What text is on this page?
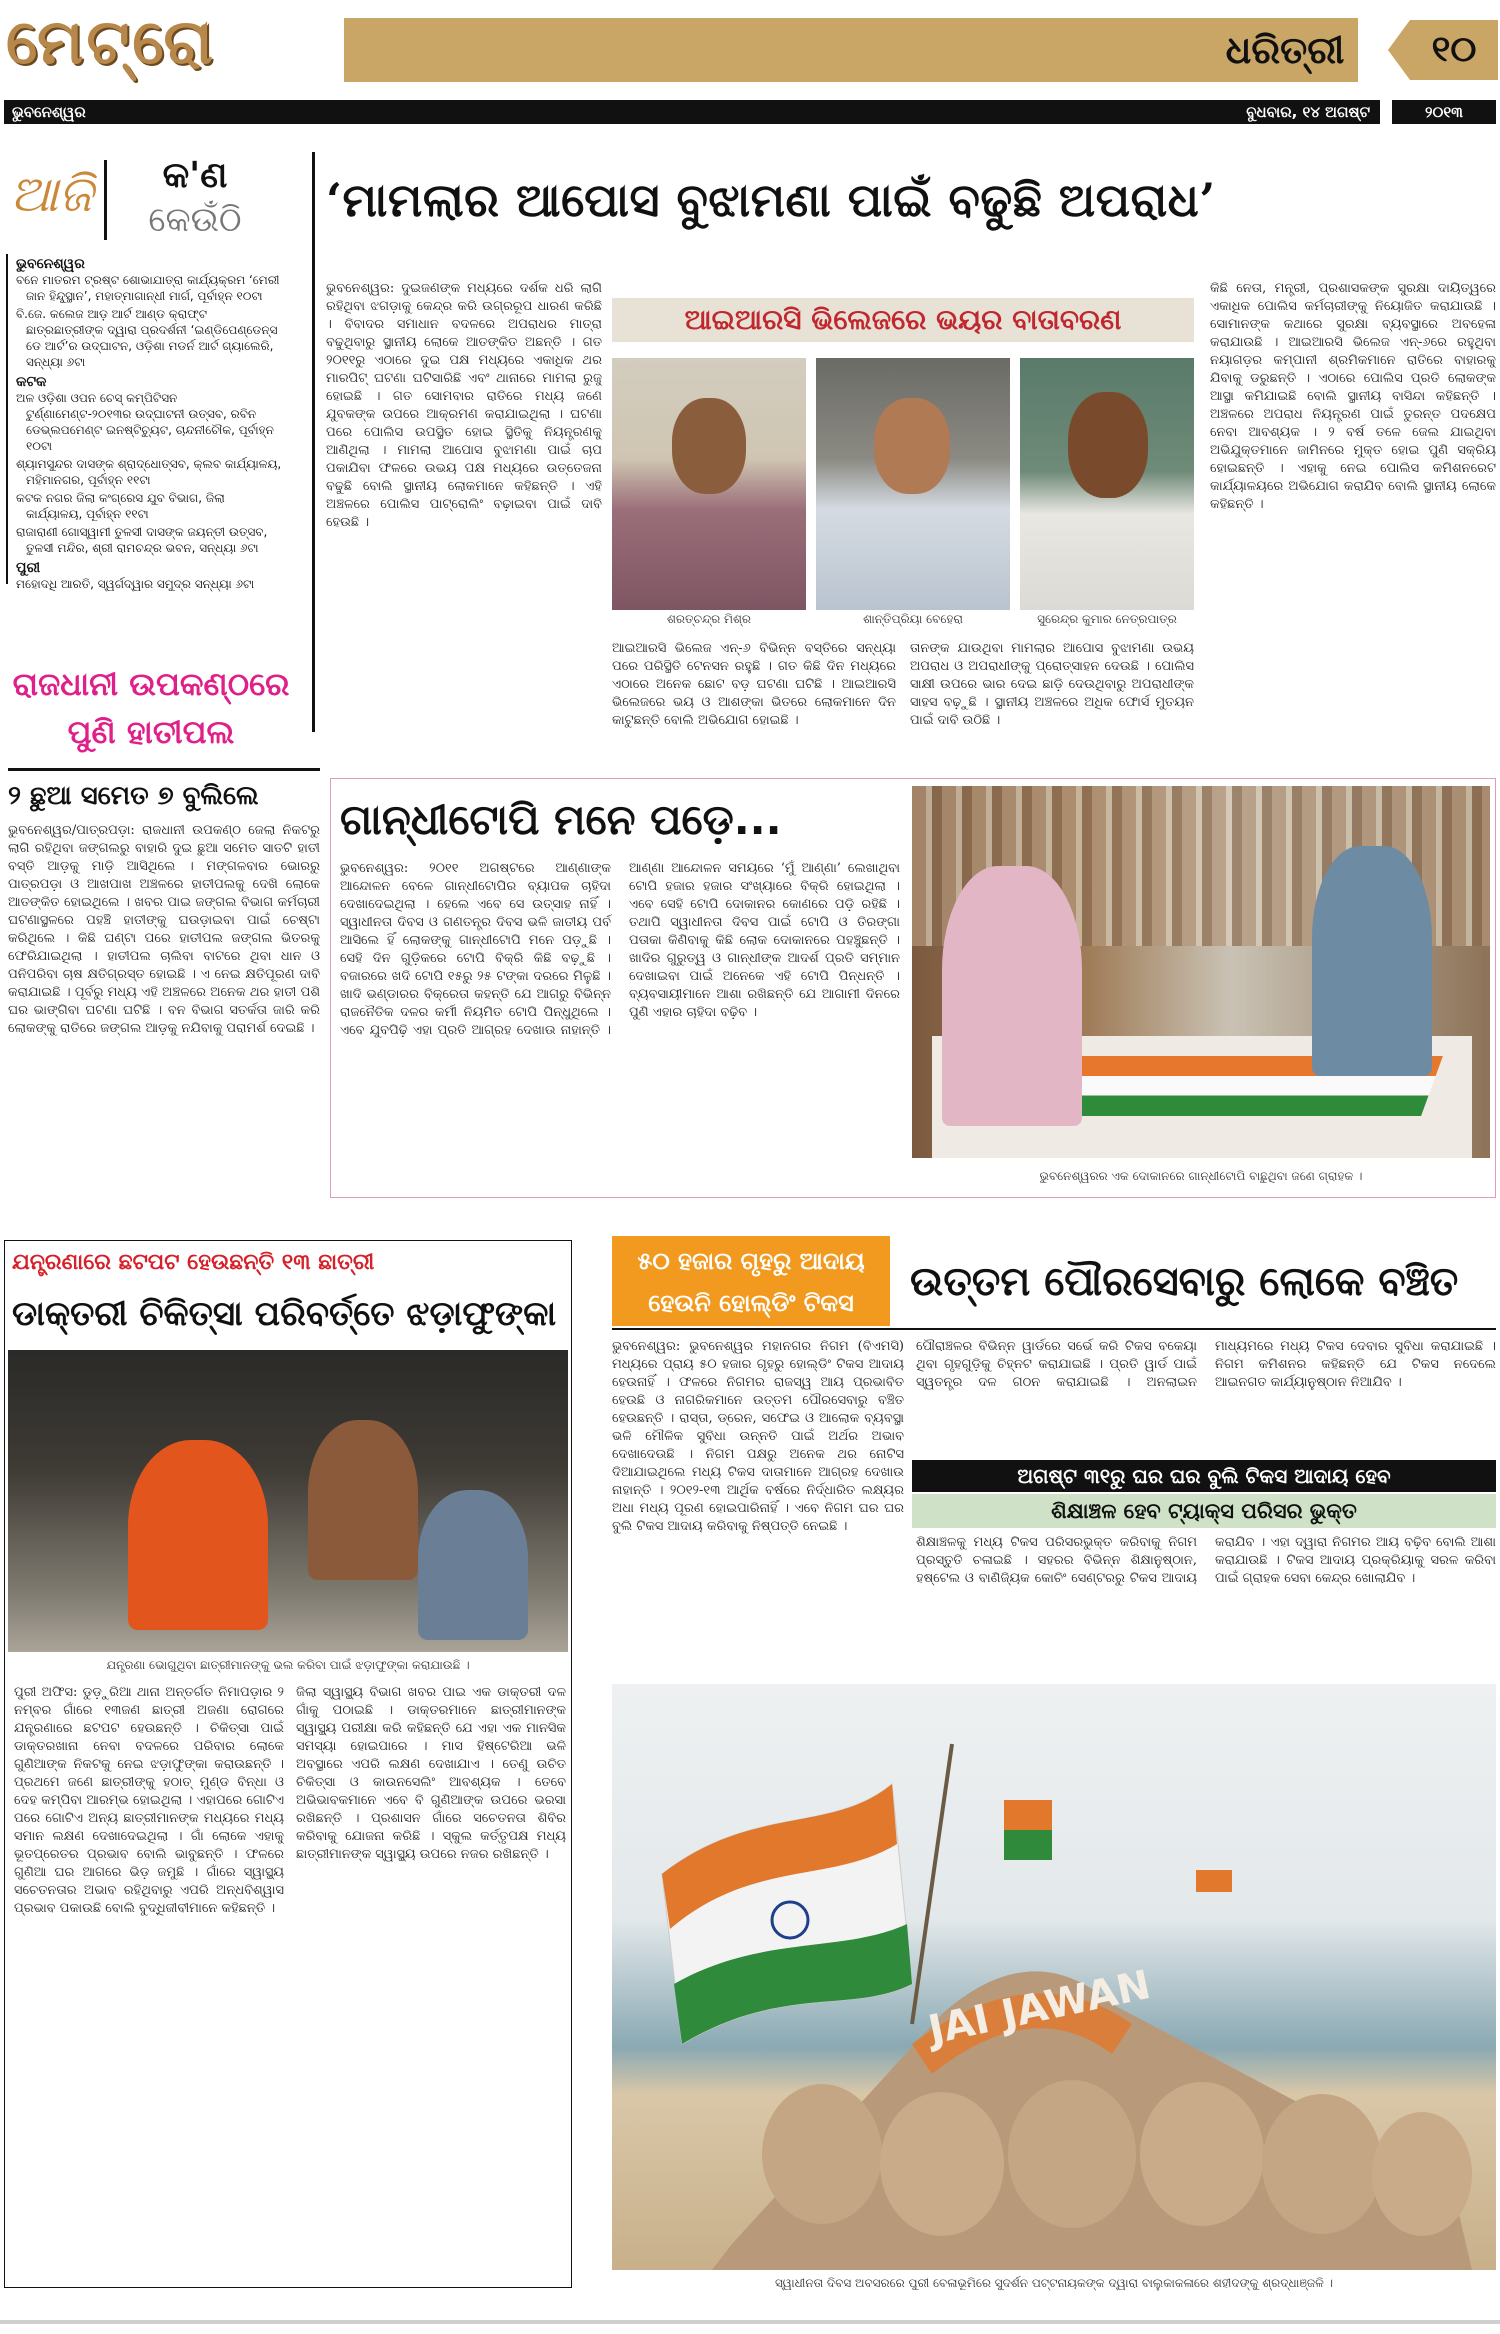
ମେଟ୍ରୋ	ଧରିତ୍ରୀ	୧୦
ଭୁବନେଶ୍ୱର	ବୁଧବାର, ୧୪ ଅଗଷ୍ଟ	୨୦୧୩
ଆଜି	କ'ଣ
କେଉଁଠି
ଭୁବନେଶ୍ୱର
ବନେ ମାତରମ ଟ୍ରଷ୍ଟ ଶୋଭାଯାତ୍ରା କାର୍ଯ୍ୟକ୍ରମ ‘ମେରୀ ଜାନ ହିନ୍ଦୁସ୍ଥାନ’, ମହାତ୍ମାଗାନ୍ଧୀ ମାର୍ଗ, ପୂର୍ବାହ୍ନ ୧୦ଟା
ବି.ଜେ. କଲେଜ ଆଡ଼ ଆର୍ଟ ଆଣ୍ଡ କ୍ରାଫ୍ଟ ଛାତ୍ରଛାତ୍ରୀଙ୍କ ଦ୍ୱାରା ପ୍ରଦର୍ଶନୀ ‘ଇଣ୍ଡିପେଣ୍ଡେନ୍ସ ଡେ ଆର୍ଟ’ର ଉଦ୍‌ଘାଟନ, ଓଡ଼ିଶା ମଡର୍ନ ଆର୍ଟ ଗ୍ୟାଲେରି, ସନ୍ଧ୍ୟା ୬ଟା
କଟକ
ଅଳ ଓଡ଼ିଶା ଓପନ ଚେସ୍‌ କମ୍ପିଟିସନ ଟୁର୍ଣ୍ଣାମେଣ୍ଟ-୨୦୧୩ର ଉଦ୍‌ଘାଟନୀ ଉତ୍ସବ, ରବିନ ଡେଭ୍ଲପମେଣ୍ଟ ଇନଷ୍ଟିଚ୍ୟୁଟ, ଚାନ୍ଦନୀଚୌକ, ପୂର୍ବାହ୍ନ ୧୦ଟା
ଶ୍ୟାମସୁନ୍ଦର ଦାସଙ୍କ ଶ୍ରାଦ୍ଧୋତ୍ସବ, କ୍ଲବ କାର୍ଯ୍ୟାଳୟ, ମହିମାନଗର, ପୂର୍ବାହ୍ନ ୧୧ଟା
କଟକ ନଗର ଜିଲା କଂଗ୍ରେସ ଯୁବ ବିଭାଗ, ଜିଲା କାର୍ଯ୍ୟାଳୟ, ପୂର୍ବାହ୍ନ ୧୧ଟା
ରାଜାରାଣୀ ଗୋସ୍ୱାମୀ ତୁଳସୀ ଦାସଙ୍କ ଜୟନ୍ତୀ ଉତ୍ସବ, ତୁଳସୀ ମନ୍ଦିର, ଶ୍ରୀ ରାମଚନ୍ଦ୍ର ଭବନ, ସନ୍ଧ୍ୟା ୬ଟା
ପୁରୀ
ମହୋଦଧି ଆରତି, ସ୍ୱର୍ଗଦ୍ୱାର ସମୁଦ୍ର ସନ୍ଧ୍ୟା ୬ଟା
‘ମାମଲାର ଆପୋସ ବୁଝାମଣା ପାଇଁ ବଢୁଛି ଅପରାଧ’
ଭୁବନେଶ୍ୱର: ଦୁଇଜଣଙ୍କ ମଧ୍ୟରେ ଦର୍ଶକ ଧରି ଲାଗି ରହିଥିବା ଝଗଡ଼ାକୁ କେନ୍ଦ୍ର କରି ଉଗ୍ରରୂପ ଧାରଣ କରିଛି । ବିବାଦର ସମାଧାନ ବଦଳରେ ଅପରାଧର ମାତ୍ରା ବଢୁଥିବାରୁ ସ୍ଥାନୀୟ ଲୋକେ ଆତଙ୍କିତ ଅଛନ୍ତି । ଗତ ୨୦୧୧ରୁ ଏଠାରେ ଦୁଇ ପକ୍ଷ ମଧ୍ୟରେ ଏକାଧିକ ଥର ମାରପିଟ୍‌ ଘଟଣା ଘଟିସାରିଛି ଏବଂ ଥାନାରେ ମାମଲା ରୁଜୁ ହୋଇଛି । ଗତ ସୋମବାର ରାତିରେ ମଧ୍ୟ ଜଣେ ଯୁବକଙ୍କ ଉପରେ ଆକ୍ରମଣ କରାଯାଇଥିଲା । ଘଟଣା ପରେ ପୋଲିସ ଉପସ୍ଥିତ ହୋଇ ସ୍ଥିତିକୁ ନିୟନ୍ତ୍ରଣକୁ ଆଣିଥିଲା । ମାମଲା ଆପୋସ ବୁଝାମଣା ପାଇଁ ଚାପ ପକାଯିବା ଫଳରେ ଉଭୟ ପକ୍ଷ ମଧ୍ୟରେ ଉତ୍ତେଜନା ବଢୁଛି ବୋଲି ସ୍ଥାନୀୟ ଲୋକମାନେ କହିଛନ୍ତି । ଏହି ଅଞ୍ଚଳରେ ପୋଲିସ ପାଟ୍ରୋଲିଂ ବଢ଼ାଇବା ପାଇଁ ଦାବି ହେଉଛି ।
ଆଇଆରସି ଭିଲେଜରେ ଭୟର ବାତାବରଣ
ଶରତ୍‌ଚନ୍ଦ୍ର ମିଶ୍ର	ଶାନ୍ତିପ୍ରିୟା ବେହେରା	ସୁରେନ୍ଦ୍ର କୁମାର ନେତ୍ରପାତ୍ର
ଆଇଆରସି ଭିଲେଜ ଏନ୍‌-୬ ବିଭିନ୍ନ ବସ୍ତିରେ ସନ୍ଧ୍ୟା ପରେ ପରିସ୍ଥିତି ଟେନସନ ରହୁଛି । ଗତ କିଛି ଦିନ ମଧ୍ୟରେ ଏଠାରେ ଅନେକ ଛୋଟ ବଡ଼ ଘଟଣା ଘଟିଛି । ଆଇଆରସି ଭିଲେଜରେ ଭୟ ଓ ଆଶଙ୍କା ଭିତରେ ଲୋକମାନେ ଦିନ କାଟୁଛନ୍ତି ବୋଲି ଅଭିଯୋଗ ହୋଇଛି ।
ତାନଙ୍କ ଯାଉଥିବା ମାମଲାର ଆପୋସ ବୁଝାମଣା ଉଭୟ ଅପରାଧ ଓ ଅପରାଧୀଙ୍କୁ ପ୍ରୋତ୍ସାହନ ଦେଉଛି । ପୋଲିସ ସାକ୍ଷୀ ଉପରେ ଭାର ଦେଇ ଛାଡ଼ି ଦେଉଥିବାରୁ ଅପରାଧୀଙ୍କ ସାହସ ବଢ଼ୁଛି । ସ୍ଥାନୀୟ ଅଞ୍ଚଳରେ ଅଧିକ ଫୋର୍ସ ମୁତୟନ ପାଇଁ ଦାବି ଉଠିଛି ।
କିଛି ନେତା, ମନ୍ତ୍ରୀ, ପ୍ରଶାସକଙ୍କ ସୁରକ୍ଷା ଦାୟିତ୍ୱରେ ଏକାଧିକ ପୋଲିସ କର୍ମଚାରୀଙ୍କୁ ନିୟୋଜିତ କରାଯାଉଛି । ସୋମାନଙ୍କ କଥାରେ ସୁରକ୍ଷା ବ୍ୟବସ୍ଥାରେ ଅବହେଳା କରାଯାଉଛି । ଆଇଆରସି ଭିଲେଜ ଏନ୍‌-୬ରେ ରହୁଥିବା ନୟାଗଡ଼ର କମ୍ପାନୀ ଶ୍ରମିକମାନେ ରାତିରେ ବାହାରକୁ ଯିବାକୁ ଡରୁଛନ୍ତି । ଏଠାରେ ପୋଲିସ ପ୍ରତି ଲୋକଙ୍କ ଆସ୍ଥା କମିଯାଇଛି ବୋଲି ସ୍ଥାନୀୟ ବାସିନ୍ଦା କହିଛନ୍ତି । ଅଞ୍ଚଳରେ ଅପରାଧ ନିୟନ୍ତ୍ରଣ ପାଇଁ ତୁରନ୍ତ ପଦକ୍ଷେପ ନେବା ଆବଶ୍ୟକ । ୨ ବର୍ଷ ତଳେ ଜେଲ ଯାଇଥିବା ଅଭିଯୁକ୍ତମାନେ ଜାମିନରେ ମୁକ୍ତ ହୋଇ ପୁଣି ସକ୍ରିୟ ହୋଇଛନ୍ତି । ଏହାକୁ ନେଇ ପୋଲିସ କମିଶନରେଟ କାର୍ଯ୍ୟାଳୟରେ ଅଭିଯୋଗ କରାଯିବ ବୋଲି ସ୍ଥାନୀୟ ଲୋକେ କହିଛନ୍ତି ।
ରାଜଧାନୀ ଉପକଣ୍ଠରେ ପୁଣି ହାତୀପଲ
୨ ଛୁଆ ସମେତ ୭ ବୁଲିଲେ
ଭୁବନେଶ୍ୱର/ପାତ୍ରପଡ଼ା: ରାଜଧାନୀ ଉପକଣ୍ଠ ଜେଲା ନିକଟରୁ ଲାଗି ରହିଥିବା ଜଙ୍ଗଲରୁ ବାହାରି ଦୁଇ ଛୁଆ ସମେତ ସାତଟି ହାତୀ ବସ୍ତି ଆଡ଼କୁ ମାଡ଼ି ଆସିଥିଲେ । ମଙ୍ଗଳବାର ଭୋରରୁ ପାତ୍ରପଡ଼ା ଓ ଆଖପାଖ ଅଞ୍ଚଳରେ ହାତୀପଲକୁ ଦେଖି ଲୋକେ ଆତଙ୍କିତ ହୋଇଥିଲେ । ଖବର ପାଇ ଜଙ୍ଗଲ ବିଭାଗ କର୍ମଚାରୀ ଘଟଣାସ୍ଥଳରେ ପହଞ୍ଚି ହାତୀଙ୍କୁ ଘଉଡ଼ାଇବା ପାଇଁ ଚେଷ୍ଟା କରିଥିଲେ । କିଛି ଘଣ୍ଟା ପରେ ହାତୀପଲ ଜଙ୍ଗଲ ଭିତରକୁ ଫେରିଯାଇଥିଲା । ହାତୀପଲ ଚାଲିବା ବାଟରେ ଥିବା ଧାନ ଓ ପନିପରିବା ଚାଷ କ୍ଷତିଗ୍ରସ୍ତ ହୋଇଛି । ଏ ନେଇ କ୍ଷତିପୂରଣ ଦାବି କରାଯାଇଛି । ପୂର୍ବରୁ ମଧ୍ୟ ଏହି ଅଞ୍ଚଳରେ ଅନେକ ଥର ହାତୀ ପଶି ଘର ଭାଙ୍ଗିବା ଘଟଣା ଘଟିଛି । ବନ ବିଭାଗ ସତର୍କତା ଜାରି କରି ଲୋକଙ୍କୁ ରାତିରେ ଜଙ୍ଗଲ ଆଡ଼କୁ ନଯିବାକୁ ପରାମର୍ଶ ଦେଇଛି ।
ଗାନ୍ଧୀଟୋପି ମନେ ପଡ଼େ...
ଭୁବନେଶ୍ୱର: ୨୦୧୧ ଅଗଷ୍ଟରେ ଆଣ୍ଣାଙ୍କ ଆନ୍ଦୋଳନ ବେଳେ ଗାନ୍ଧୀଟୋପିର ବ୍ୟାପକ ଚାହିଦା ଦେଖାଦେଇଥିଲା । ହେଲେ ଏବେ ସେ ଉତ୍ସାହ ନାହିଁ । ସ୍ୱାଧୀନତା ଦିବସ ଓ ଗଣତନ୍ତ୍ର ଦିବସ ଭଳି ଜାତୀୟ ପର୍ବ ଆସିଲେ ହିଁ ଲୋକଙ୍କୁ ଗାନ୍ଧୀଟୋପି ମନେ ପଡ଼ୁଛି । ସେହି ଦିନ ଗୁଡ଼ିକରେ ଟୋପି ବିକ୍ରି କିଛି ବଢ଼ୁଛି । ବଜାରରେ ଖଦି ଟୋପି ୧୫ରୁ ୨୫ ଟଙ୍କା ଦରରେ ମିଳୁଛି । ଖାଦି ଭଣ୍ଡାରର ବିକ୍ରେତା କହନ୍ତି ଯେ ଆଗରୁ ବିଭିନ୍ନ ରାଜନୈତିକ ଦଳର କର୍ମୀ ନିୟମିତ ଟୋପି ପିନ୍ଧୁଥିଲେ । ଏବେ ଯୁବପିଢ଼ି ଏହା ପ୍ରତି ଆଗ୍ରହ ଦେଖାଉ ନାହାନ୍ତି । ଆଣ୍ଣା ଆନ୍ଦୋଳନ ସମୟରେ ‘ମୁଁ ଆଣ୍ଣା’ ଲେଖାଥିବା ଟୋପି ହଜାର ହଜାର ସଂଖ୍ୟାରେ ବିକ୍ରି ହୋଇଥିଲା । ଏବେ ସେହି ଟୋପି ଦୋକାନର କୋଣରେ ପଡ଼ି ରହିଛି । ତଥାପି ସ୍ୱାଧୀନତା ଦିବସ ପାଇଁ ଟୋପି ଓ ତିରଙ୍ଗା ପତାକା କିଣିବାକୁ କିଛି ଲୋକ ଦୋକାନରେ ପହଞ୍ଚୁଛନ୍ତି । ଖାଦିର ଗୁରୁତ୍ୱ ଓ ଗାନ୍ଧୀଙ୍କ ଆଦର୍ଶ ପ୍ରତି ସମ୍ମାନ ଦେଖାଇବା ପାଇଁ ଅନେକେ ଏହି ଟୋପି ପିନ୍ଧନ୍ତି । ବ୍ୟବସାୟୀମାନେ ଆଶା ରଖିଛନ୍ତି ଯେ ଆଗାମୀ ଦିନରେ ପୁଣି ଏହାର ଚାହିଦା ବଢ଼ିବ ।
ଭୁବନେଶ୍ୱରର ଏକ ଦୋକାନରେ ଗାନ୍ଧୀଟୋପି ବାଛୁଥିବା ଜଣେ ଗ୍ରାହକ ।
ଯନ୍ତ୍ରଣାରେ ଛଟପଟ ହେଉଛନ୍ତି ୧୩ ଛାତ୍ରୀ
ଡାକ୍ତରୀ ଚିକିତ୍ସା ପରିବର୍ତ୍ତେ ଝଡ଼ାଫୁଙ୍କା
ଯନ୍ତ୍ରଣା ଭୋଗୁଥିବା ଛାତ୍ରୀମାନଙ୍କୁ ଭଲ କରିବା ପାଇଁ ଝଡ଼ାଫୁଙ୍କା କରାଯାଉଛି ।
ପୁରୀ ଅଫିସ: ଡୁଡ଼ୁରିଆ ଥାନା ଅନ୍ତର୍ଗତ ନିମାପଡ଼ାର ୨ ନମ୍ବର ଗାଁରେ ୧୩ଜଣ ଛାତ୍ରୀ ଅଜଣା ରୋଗରେ ଯନ୍ତ୍ରଣାରେ ଛଟପଟ ହେଉଛନ୍ତି । ଚିକିତ୍ସା ପାଇଁ ଡାକ୍ତରଖାନା ନେବା ବଦଳରେ ପରିବାର ଲୋକେ ଗୁଣିଆଙ୍କ ନିକଟକୁ ନେଇ ଝଡ଼ାଫୁଙ୍କା କରାଉଛନ୍ତି । ପ୍ରଥମେ ଜଣେ ଛାତ୍ରୀଙ୍କୁ ହଠାତ୍ ମୁଣ୍ଡ ବିନ୍ଧା ଓ ଦେହ କମ୍ପିବା ଆରମ୍ଭ ହୋଇଥିଲା । ଏହାପରେ ଗୋଟିଏ ପରେ ଗୋଟିଏ ଅନ୍ୟ ଛାତ୍ରୀମାନଙ୍କ ମଧ୍ୟରେ ମଧ୍ୟ ସମାନ ଲକ୍ଷଣ ଦେଖାଦେଇଥିଲା । ଗାଁ ଲୋକେ ଏହାକୁ ଭୂତପ୍ରେତର ପ୍ରଭାବ ବୋଲି ଭାବୁଛନ୍ତି । ଫଳରେ ଗୁଣିଆ ଘର ଆଗରେ ଭିଡ଼ ଜମୁଛି । ଗାଁରେ ସ୍ୱାସ୍ଥ୍ୟ ସଚେତନତାର ଅଭାବ ରହିଥିବାରୁ ଏପରି ଅନ୍ଧବିଶ୍ୱାସ ପ୍ରଭାବ ପକାଉଛି ବୋଲି ବୁଦ୍ଧିଜୀବୀମାନେ କହିଛନ୍ତି ।
ଜିଲା ସ୍ୱାସ୍ଥ୍ୟ ବିଭାଗ ଖବର ପାଇ ଏକ ଡାକ୍ତରୀ ଦଳ ଗାଁକୁ ପଠାଇଛି । ଡାକ୍ତରମାନେ ଛାତ୍ରୀମାନଙ୍କ ସ୍ୱାସ୍ଥ୍ୟ ପରୀକ୍ଷା କରି କହିଛନ୍ତି ଯେ ଏହା ଏକ ମାନସିକ ସମସ୍ୟା ହୋଇପାରେ । ମାସ ହିଷ୍ଟେରିଆ ଭଳି ଅବସ୍ଥାରେ ଏପରି ଲକ୍ଷଣ ଦେଖାଯାଏ । ତେଣୁ ଉଚିତ ଚିକିତ୍ସା ଓ କାଉନସେଲିଂ ଆବଶ୍ୟକ । ତେବେ ଅଭିଭାବକମାନେ ଏବେ ବି ଗୁଣିଆଙ୍କ ଉପରେ ଭରସା ରଖିଛନ୍ତି । ପ୍ରଶାସନ ଗାଁରେ ସଚେତନତା ଶିବିର କରିବାକୁ ଯୋଜନା କରିଛି । ସ୍କୁଲ କର୍ତ୍ତୃପକ୍ଷ ମଧ୍ୟ ଛାତ୍ରୀମାନଙ୍କ ସ୍ୱାସ୍ଥ୍ୟ ଉପରେ ନଜର ରଖିଛନ୍ତି ।
୫୦ ହଜାର ଗୃହରୁ ଆଦାୟ
ହେଉନି ହୋଲ୍‌ଡିଂ ଟିକସ	ଉତ୍ତମ ପୌରସେବାରୁ ଲୋକେ ବଞ୍ଚିତ
ଭୁବନେଶ୍ୱର: ଭୁବନେଶ୍ୱର ମହାନଗର ନିଗମ (ବିଏମସି) ମଧ୍ୟରେ ପ୍ରାୟ ୫୦ ହଜାର ଗୃହରୁ ହୋଲ୍‌ଡିଂ ଟିକସ ଆଦାୟ ହେଉନାହିଁ । ଫଳରେ ନିଗମର ରାଜସ୍ୱ ଆୟ ପ୍ରଭାବିତ ହେଉଛି ଓ ନାଗରିକମାନେ ଉତ୍ତମ ପୌରସେବାରୁ ବଞ୍ଚିତ ହେଉଛନ୍ତି । ରାସ୍ତା, ଡ୍ରେନ, ସଫେଇ ଓ ଆଲୋକ ବ୍ୟବସ୍ଥା ଭଳି ମୌଳିକ ସୁବିଧା ଉନ୍ନତି ପାଇଁ ଅର୍ଥର ଅଭାବ ଦେଖାଦେଉଛି । ନିଗମ ପକ୍ଷରୁ ଅନେକ ଥର ନୋଟିସ ଦିଆଯାଇଥିଲେ ମଧ୍ୟ ଟିକସ ଦାତାମାନେ ଆଗ୍ରହ ଦେଖାଉ ନାହାନ୍ତି । ୨୦୧୨-୧୩ ଆର୍ଥିକ ବର୍ଷରେ ନିର୍ଦ୍ଧାରିତ ଲକ୍ଷ୍ୟର ଅଧା ମଧ୍ୟ ପୂରଣ ହୋଇପାରିନାହିଁ । ଏବେ ନିଗମ ଘର ଘର ବୁଲି ଟିକସ ଆଦାୟ କରିବାକୁ ନିଷ୍ପତ୍ତି ନେଇଛି ।
ପୌରାଞ୍ଚଳର ବିଭିନ୍ନ ୱାର୍ଡରେ ସର୍ଭେ କରି ଟିକସ ବକେୟା ଥିବା ଗୃହଗୁଡ଼ିକୁ ଚିହ୍ନଟ କରାଯାଇଛି । ପ୍ରତି ୱାର୍ଡ ପାଇଁ ସ୍ୱତନ୍ତ୍ର ଦଳ ଗଠନ କରାଯାଇଛି । ଅନଲାଇନ ମାଧ୍ୟମରେ ମଧ୍ୟ ଟିକସ ଦେବାର ସୁବିଧା କରାଯାଇଛି । ନିଗମ କମିଶନର କହିଛନ୍ତି ଯେ ଟିକସ ନଦେଲେ ଆଇନଗତ କାର୍ଯ୍ୟାନୁଷ୍ଠାନ ନିଆଯିବ ।
ଅଗଷ୍ଟ ୩୧ରୁ ଘର ଘର ବୁଲି ଟିକସ ଆଦାୟ ହେବ
ଶିକ୍ଷାଞ୍ଚଳ ହେବ ଟ୍ୟାକ୍ସ ପରିସର ଭୁକ୍ତ
ଶିକ୍ଷାଞ୍ଚଳକୁ ମଧ୍ୟ ଟିକସ ପରିସରଭୁକ୍ତ କରିବାକୁ ନିଗମ ପ୍ରସ୍ତୁତି ଚଳାଇଛି । ସହରର ବିଭିନ୍ନ ଶିକ୍ଷାନୁଷ୍ଠାନ, ହଷ୍ଟେଲ ଓ ବାଣିଜ୍ୟିକ କୋଚିଂ ସେଣ୍ଟରରୁ ଟିକସ ଆଦାୟ କରାଯିବ । ଏହା ଦ୍ୱାରା ନିଗମର ଆୟ ବଢ଼ିବ ବୋଲି ଆଶା କରାଯାଉଛି । ଟିକସ ଆଦାୟ ପ୍ରକ୍ରିୟାକୁ ସରଳ କରିବା ପାଇଁ ଗ୍ରାହକ ସେବା କେନ୍ଦ୍ର ଖୋଲାଯିବ ।
JAI JAWAN
ସ୍ୱାଧୀନତା ଦିବସ ଅବସରରେ ପୁରୀ ବେଳାଭୂମିରେ ସୁଦର୍ଶନ ପଟ୍ଟନାୟକଙ୍କ ଦ୍ୱାରା ବାଲୁକାକଳାରେ ଶହୀଦଙ୍କୁ ଶ୍ରଦ୍ଧାଞ୍ଜଳି ।
